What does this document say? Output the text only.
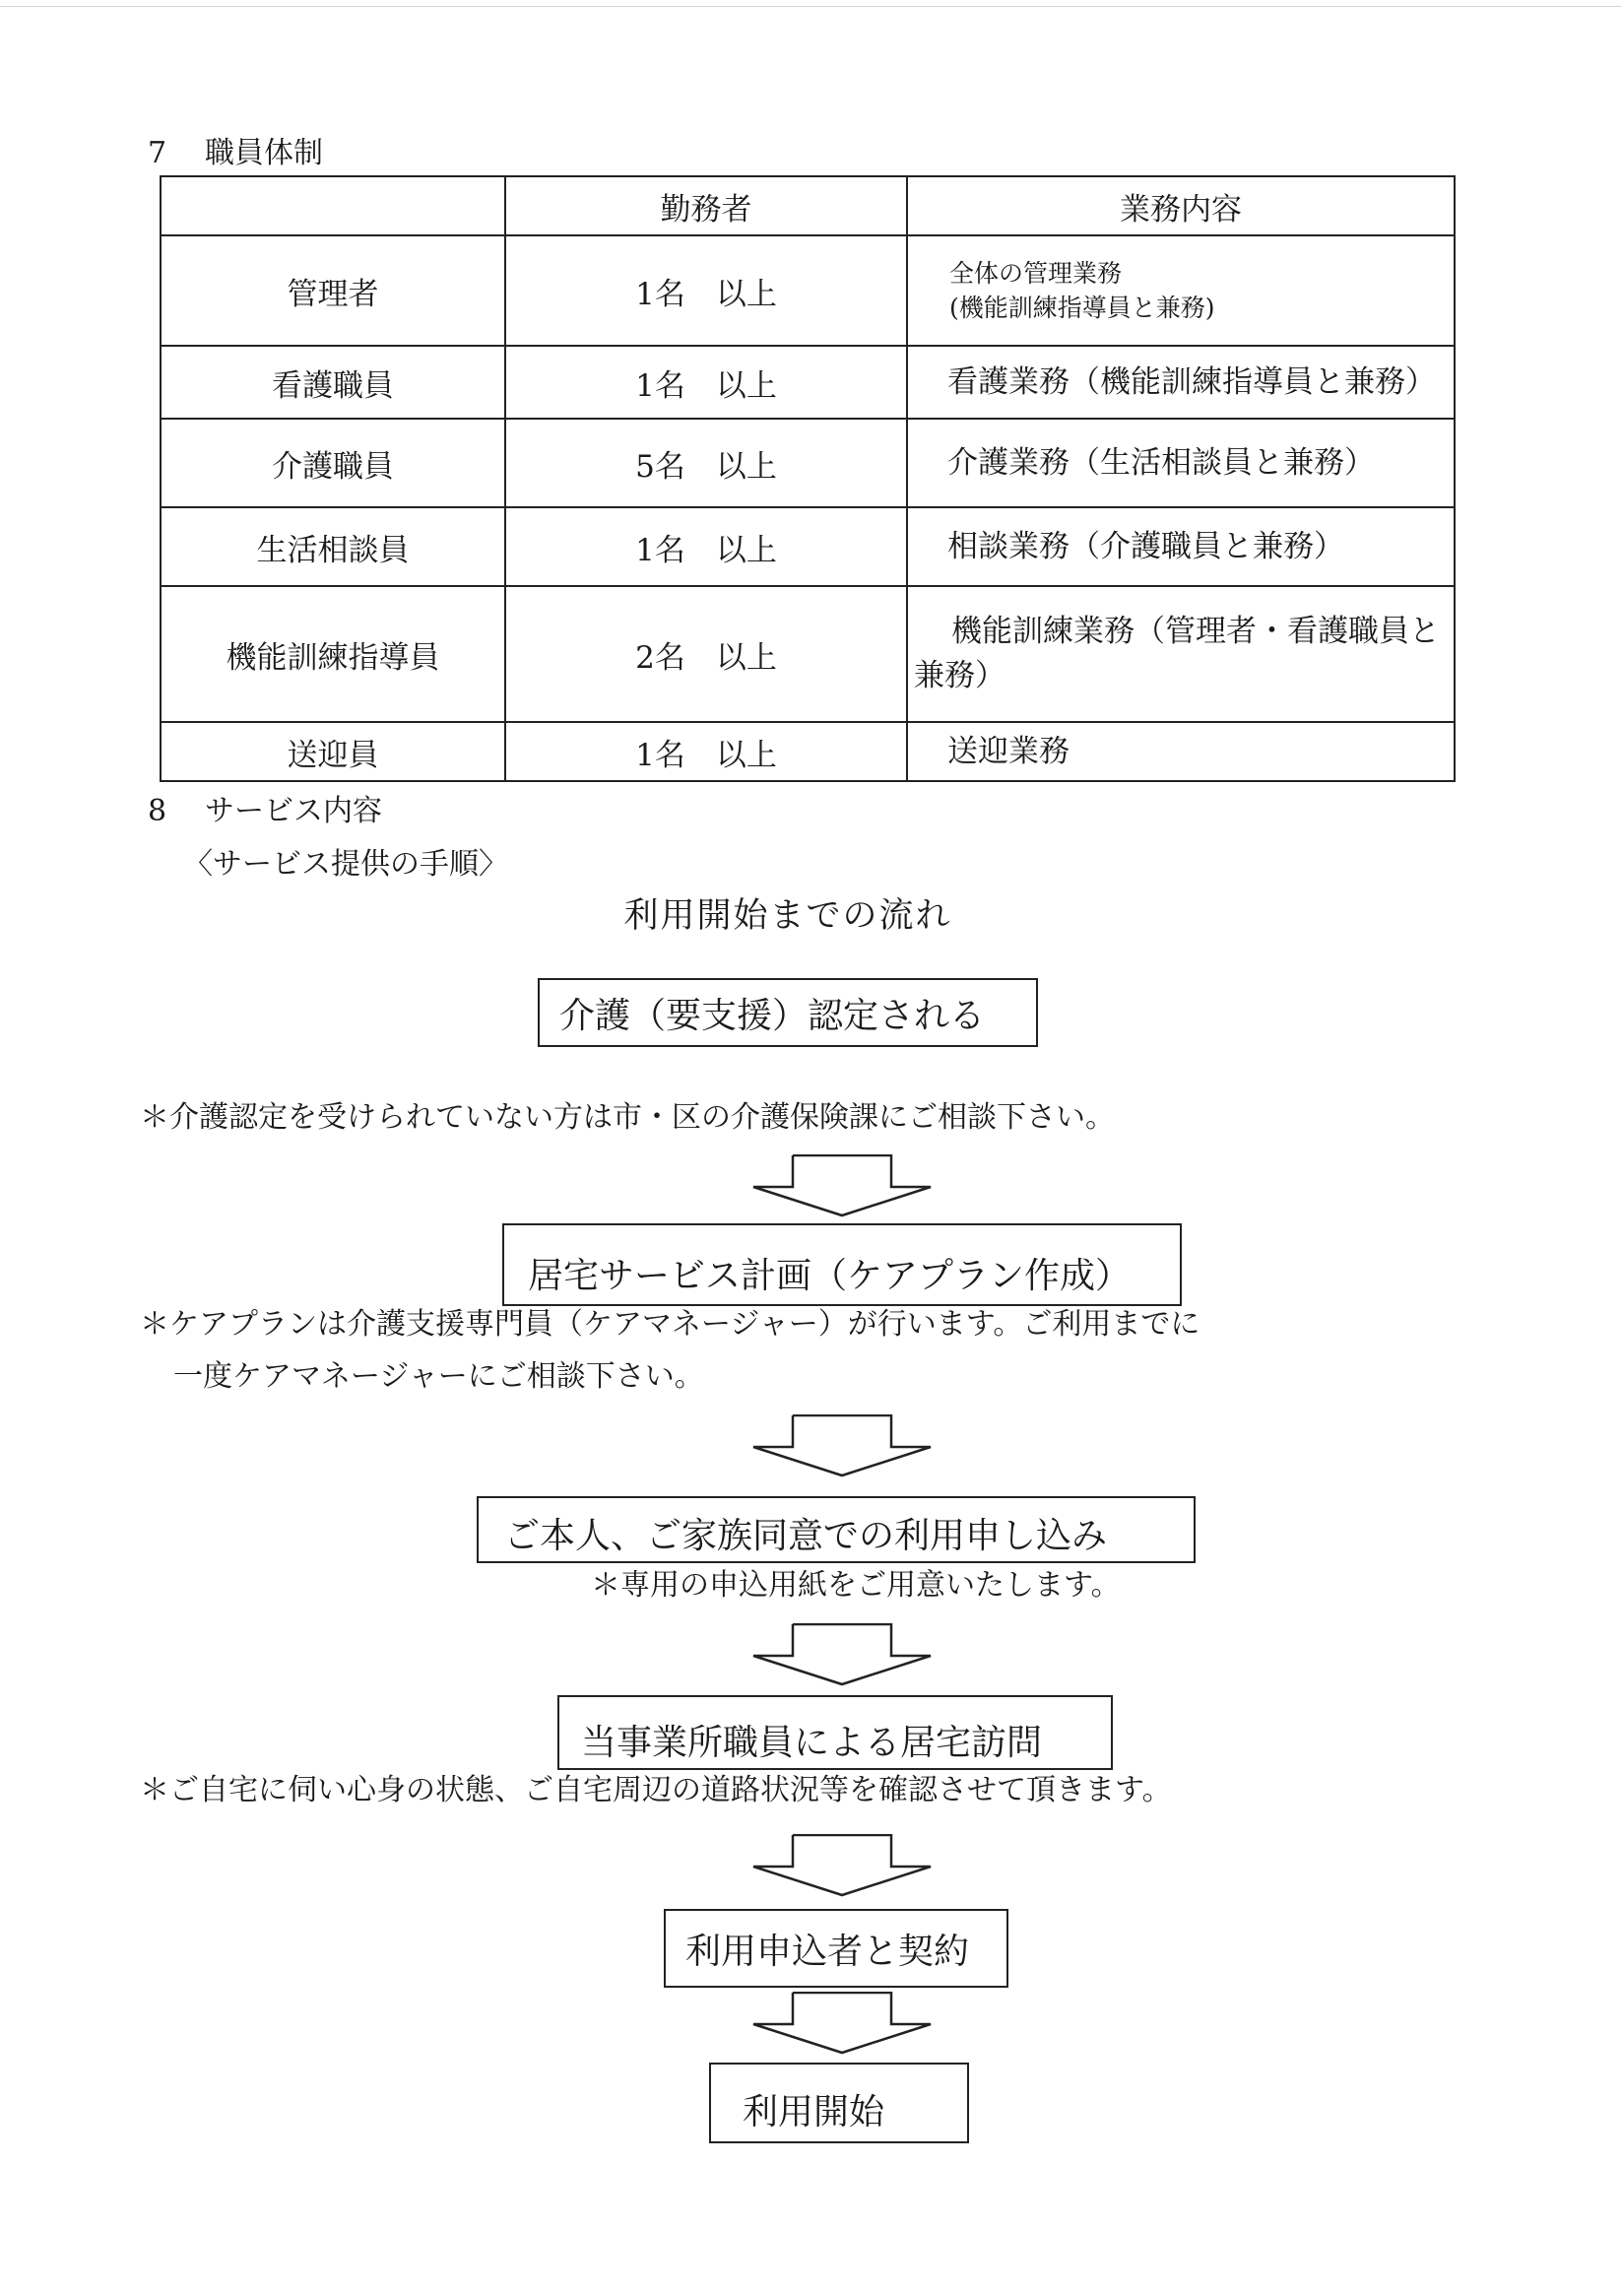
7 職員体制
	勤務者	業務内容
管理者	1名　以上	全体の管理業務
(機能訓練指導員と兼務)

看護職員	1名　以上	看護業務（機能訓練指導員と兼務）

介護職員	5名　以上	介護業務（生活相談員と兼務）

生活相談員	1名　以上	相談業務（介護職員と兼務）

機能訓練指導員	2名　以上	機能訓練業務（管理者・看護職員と兼務）
送迎員	1名　以上	送迎業務
8 サービス内容
〈サービス提供の手順〉
利用開始までの流れ
介護（要支援）認定される
＊介護認定を受けられていない方は市・区の介護保険課にご相談下さい。
居宅サービス計画（ケアプラン作成）
＊ケアプランは介護支援専門員（ケアマネージャー）が行います。ご利用までに
一度ケアマネージャーにご相談下さい。
ご本人、ご家族同意での利用申し込み
＊専用の申込用紙をご用意いたします。
当事業所職員による居宅訪問
＊ご自宅に伺い心身の状態、ご自宅周辺の道路状況等を確認させて頂きます。
利用申込者と契約
利用開始
